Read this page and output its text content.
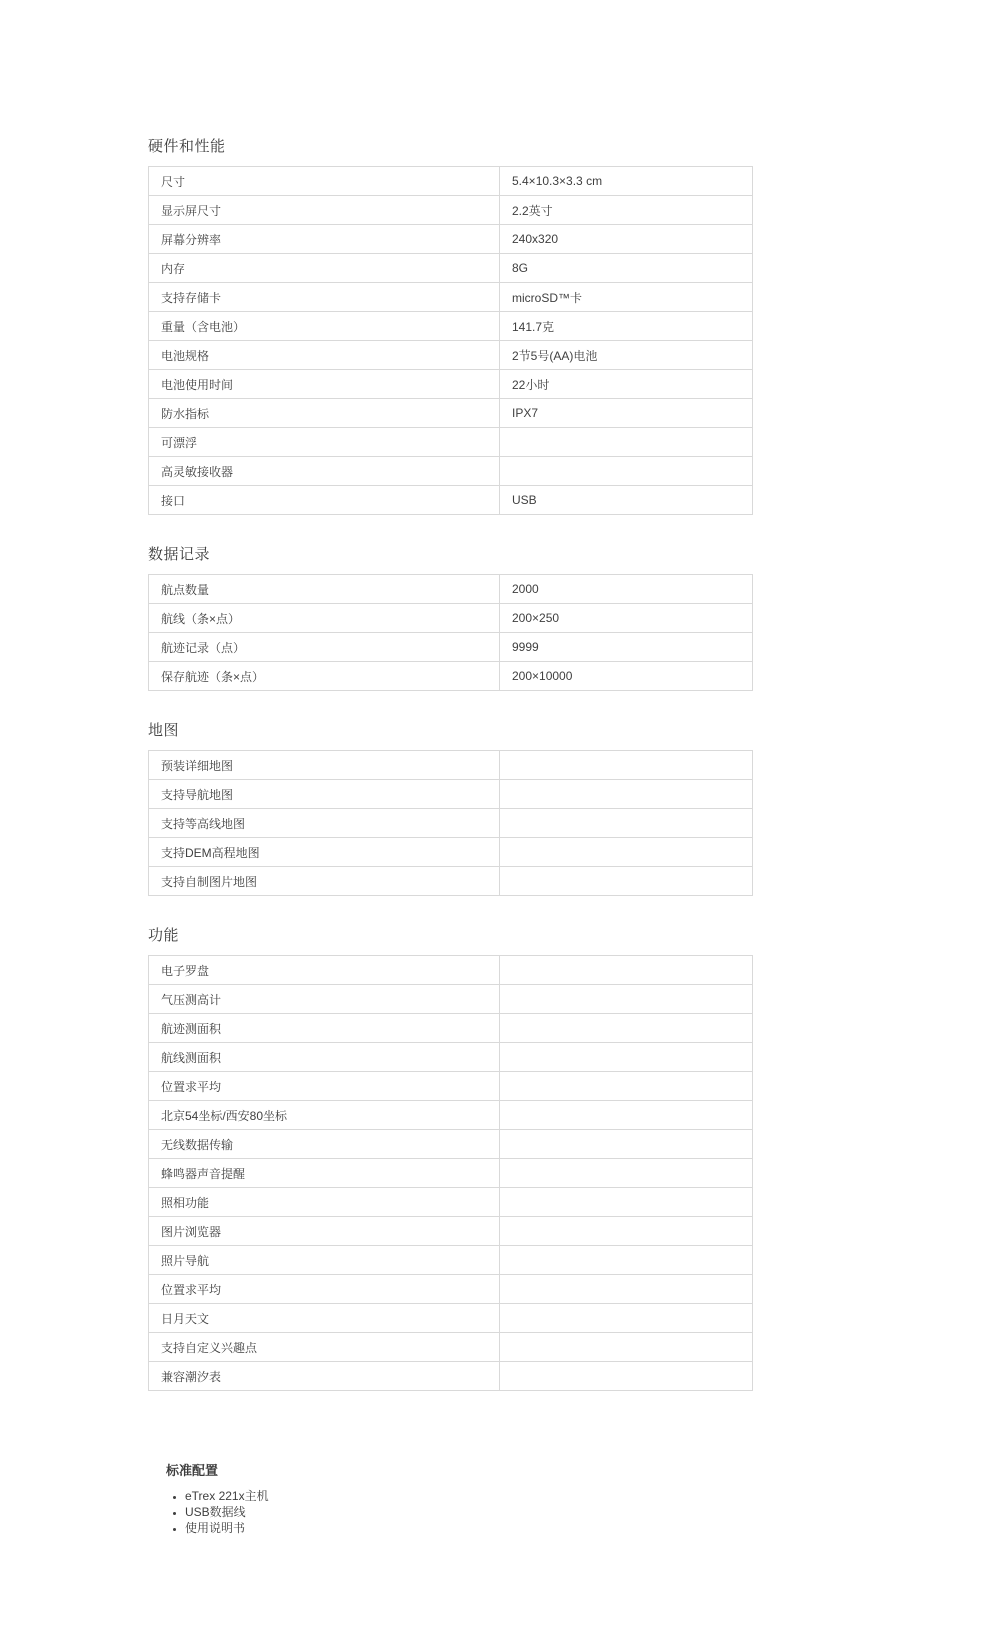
硬件和性能
尺寸	5.4×10.3×3.3 cm
显示屏尺寸	2.2英寸
屏幕分辨率	240x320
内存	8G
支持存储卡	microSD™卡
重量（含电池）	141.7克
电池规格	2节5号(AA)电池
电池使用时间	22小时
防水指标	IPX7
可漂浮	
高灵敏接收器	
接口	USB
数据记录
航点数量	2000
航线（条×点）	200×250
航迹记录（点）	9999
保存航迹（条×点）	200×10000
地图
预装详细地图	
支持导航地图	
支持等高线地图	
支持DEM高程地图	
支持自制图片地图	
功能
电子罗盘	
气压测高计	
航迹测面积	
航线测面积	
位置求平均	
北京54坐标/西安80坐标	
无线数据传输	
蜂鸣器声音提醒	
照相功能	
图片浏览器	
照片导航	
位置求平均	
日月天文	
支持自定义兴趣点	
兼容潮汐表	
标准配置
• eTrex 221x主机
• USB数据线
• 使用说明书
